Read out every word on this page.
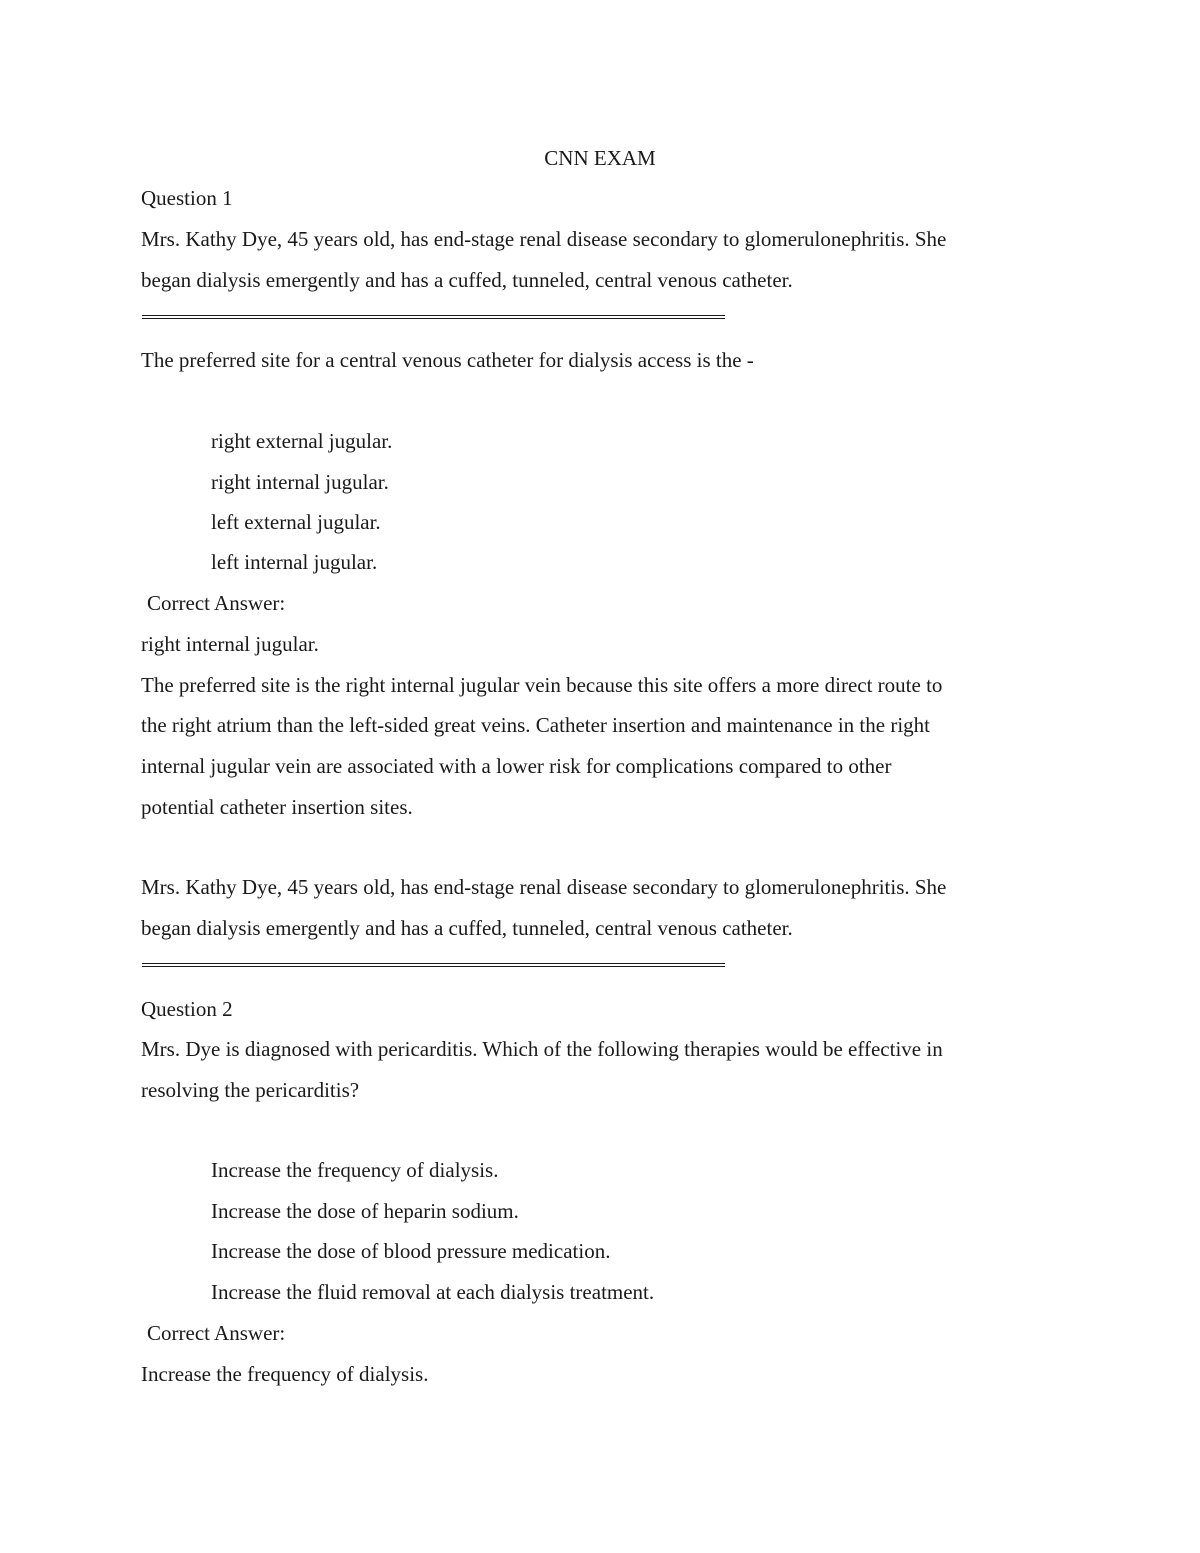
CNN EXAM
Question 1
Mrs. Kathy Dye, 45 years old, has end-stage renal disease secondary to glomerulonephritis. She
began dialysis emergently and has a cuffed, tunneled, central venous catheter.
The preferred site for a central venous catheter for dialysis access is the -
right external jugular.
right internal jugular.
left external jugular.
left internal jugular.
Correct Answer:
right internal jugular.
The preferred site is the right internal jugular vein because this site offers a more direct route to
the right atrium than the left-sided great veins. Catheter insertion and maintenance in the right
internal jugular vein are associated with a lower risk for complications compared to other
potential catheter insertion sites.
Mrs. Kathy Dye, 45 years old, has end-stage renal disease secondary to glomerulonephritis. She
began dialysis emergently and has a cuffed, tunneled, central venous catheter.
Question 2
Mrs. Dye is diagnosed with pericarditis. Which of the following therapies would be effective in
resolving the pericarditis?
Increase the frequency of dialysis.
Increase the dose of heparin sodium.
Increase the dose of blood pressure medication.
Increase the fluid removal at each dialysis treatment.
Correct Answer:
Increase the frequency of dialysis.
